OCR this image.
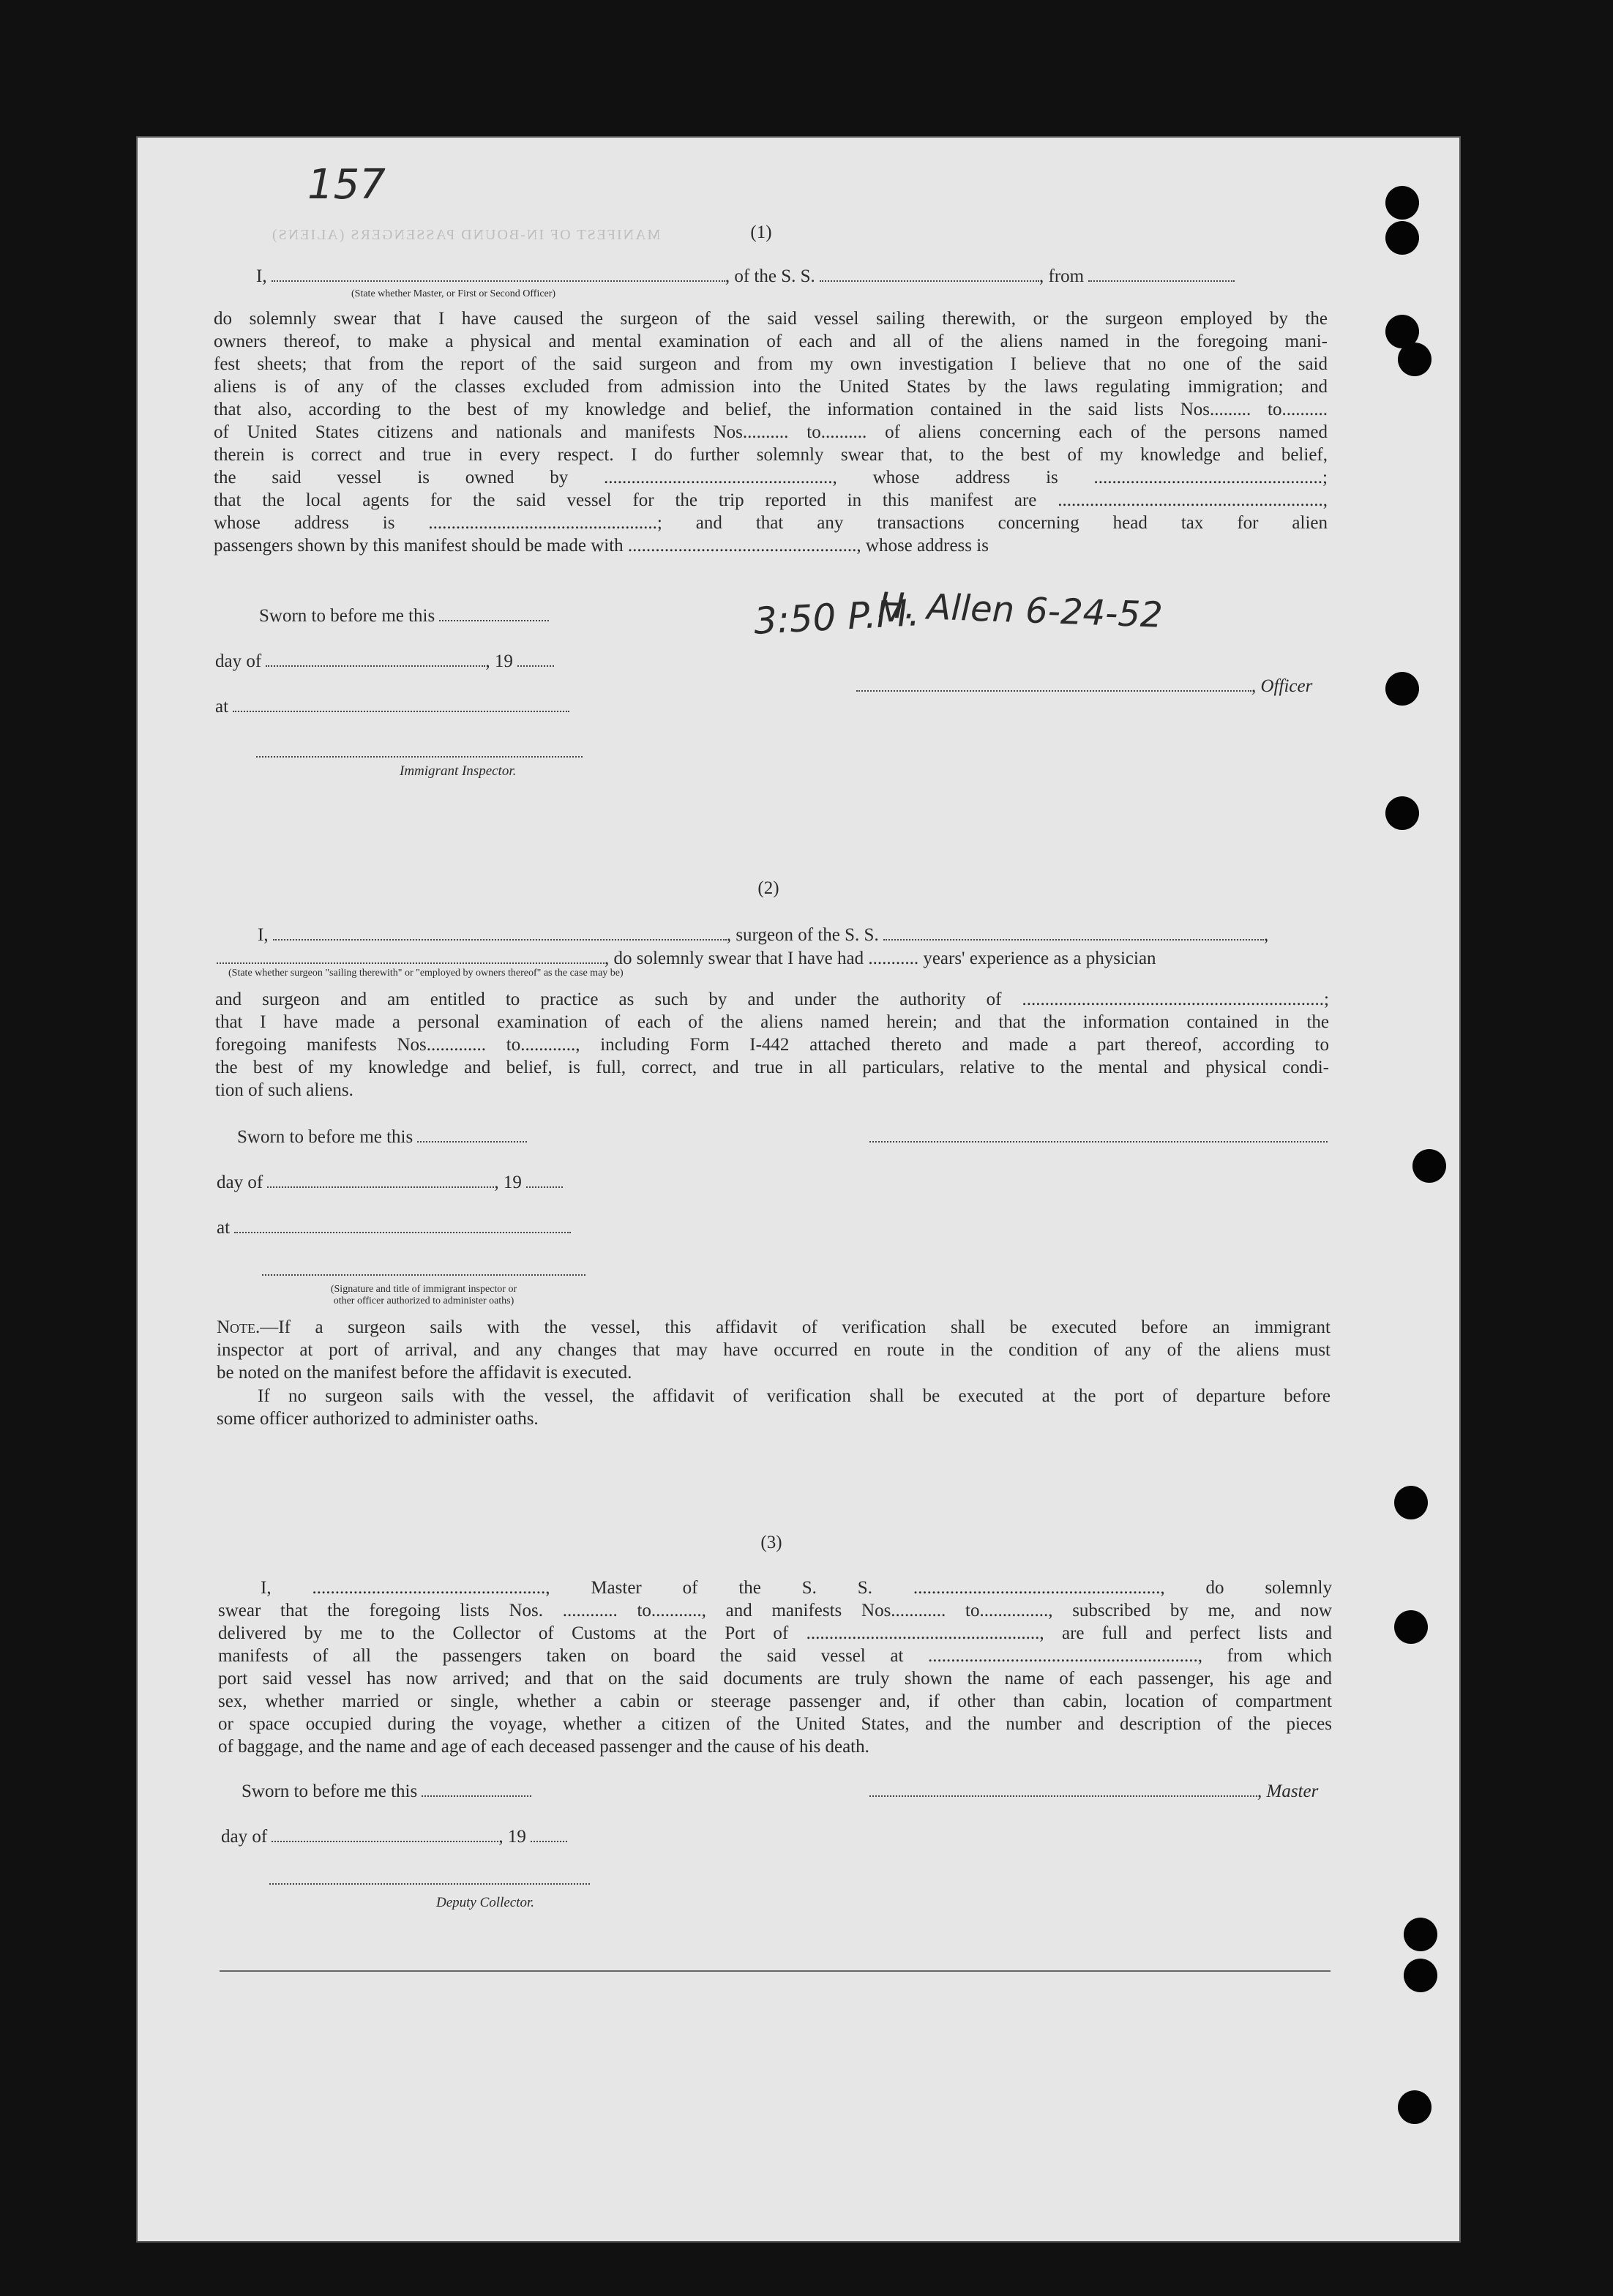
MANIFEST OF IN-BOUND PASSENGERS (ALIENS)
157
(1)
I,	, of the S. S.	, from
(State whether Master, or First or Second Officer)
do solemnly swear that I have caused the surgeon of the said vessel sailing therewith, or the surgeon employed by the
owners thereof, to make a physical and mental examination of each and all of the aliens named in the foregoing mani-
fest sheets; that from the report of the said surgeon and from my own investigation I believe that no one of the said
aliens is of any of the classes excluded from admission into the United States by the laws regulating immigration; and
that also, according to the best of my knowledge and belief, the information contained in the said lists Nos......... to..........
of United States citizens and nationals and manifests Nos.......... to.......... of aliens concerning each of the persons named
therein is correct and true in every respect. I do further solemnly swear that, to the best of my knowledge and belief,
the said vessel is owned by .................................................., whose address is ..................................................;
that the local agents for the said vessel for the trip reported in this manifest are ..........................................................,
whose address is ..................................................; and that any transactions concerning head tax for alien
passengers shown by this manifest should be made with .................................................., whose address is
Sworn to before me this	3:50 P.M.
H. Allen 6-24-52
day of	, 19
at
, Officer
Immigrant Inspector.
(2)
I,	, surgeon of the S. S.	,
, do solemnly swear that I have had ........... years' experience as a physician
(State whether surgeon "sailing therewith" or "employed by owners thereof" as the case may be)
and surgeon and am entitled to practice as such by and under the authority of ..................................................................;
that I have made a personal examination of each of the aliens named herein; and that the information contained in the
foregoing manifests Nos............. to............, including Form I-442 attached thereto and made a part thereof, according to
the best of my knowledge and belief, is full, correct, and true in all particulars, relative to the mental and physical condi-
tion of such aliens.
Sworn to before me this
day of	, 19
at
(Signature and title of immigrant inspector or
other officer authorized to administer oaths)
Note.—If a surgeon sails with the vessel, this affidavit of verification shall be executed before an immigrant
inspector at port of arrival, and any changes that may have occurred en route in the condition of any of the aliens must
be noted on the manifest before the affidavit is executed.
If no surgeon sails with the vessel, the affidavit of verification shall be executed at the port of departure before
some officer authorized to administer oaths.
(3)
I, ..................................................., Master of the S. S. ......................................................, do solemnly
swear that the foregoing lists Nos. ............ to..........., and manifests Nos............ to..............., subscribed by me, and now
delivered by me to the Collector of Customs at the Port of ..................................................., are full and perfect lists and
manifests of all the passengers taken on board the said vessel at ..........................................................., from which
port said vessel has now arrived; and that on the said documents are truly shown the name of each passenger, his age and
sex, whether married or single, whether a cabin or steerage passenger and, if other than cabin, location of compartment
or space occupied during the voyage, whether a citizen of the United States, and the number and description of the pieces
of baggage, and the name and age of each deceased passenger and the cause of his death.
Sworn to before me this	, Master
day of	, 19
Deputy Collector.
